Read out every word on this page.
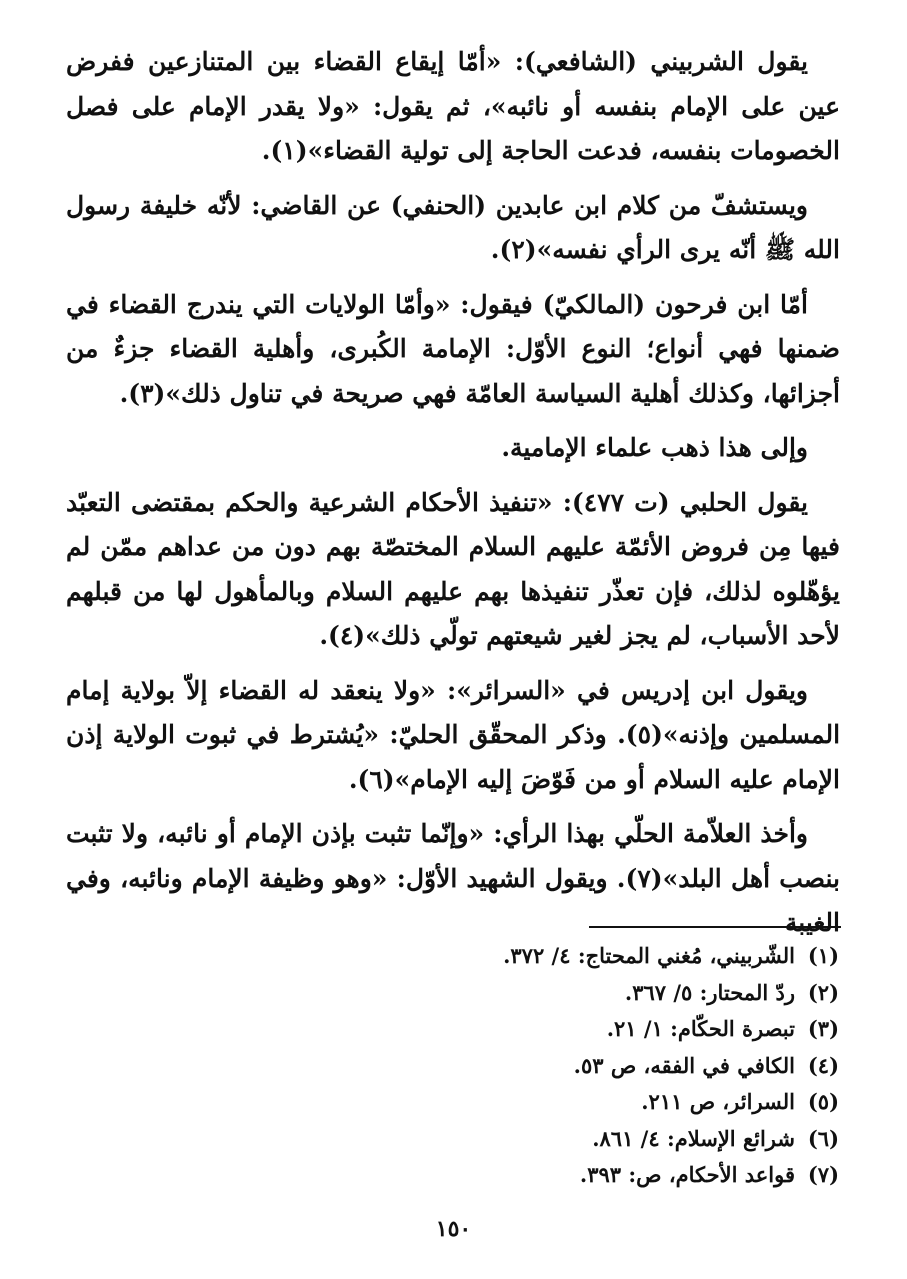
يقول الشربيني (الشافعي): «أمّا إيقاع القضاء بين المتنازعين ففرض عين على الإمام بنفسه أو نائبه»، ثم يقول: «ولا يقدر الإمام على فصل الخصومات بنفسه، فدعت الحاجة إلى تولية القضاء»(١).

ويستشفّ من كلام ابن عابدين (الحنفي) عن القاضي: لأنّه خليفة رسول الله ﷺ أنّه يرى الرأي نفسه»(٢).

أمّا ابن فرحون (المالكيّ) فيقول: «وأمّا الولايات التي يندرج القضاء في ضمنها فهي أنواع؛ النوع الأوّل: الإمامة الكُبرى، وأهلية القضاء جزءٌ من أجزائها، وكذلك أهلية السياسة العامّة فهي صريحة في تناول ذلك»(٣).

وإلى هذا ذهب علماء الإمامية.

يقول الحلبي (ت ٤٧٧): «تنفيذ الأحكام الشرعية والحكم بمقتضى التعبّد فيها مِن فروض الأئمّة عليهم السلام المختصّة بهم دون من عداهم ممّن لم يؤهّلوه لذلك، فإن تعذّر تنفيذها بهم عليهم السلام وبالمأهول لها من قبلهم لأحد الأسباب، لم يجز لغير شيعتهم تولّي ذلك»(٤).

ويقول ابن إدريس في «السرائر»: «ولا ينعقد له القضاء إلاّ بولاية إمام المسلمين وإذنه»(٥). وذكر المحقّق الحليّ: «يُشترط في ثبوت الولاية إذن الإمام عليه السلام أو من فَوّضَ إليه الإمام»(٦).

وأخذ العلاّمة الحلّي بهذا الرأي: «وإنّما تثبت بإذن الإمام أو نائبه، ولا تثبت بنصب أهل البلد»(٧). ويقول الشهيد الأوّل: «وهو وظيفة الإمام ونائبه، وفي الغيبة

(١)الشّربيني، مُغني المحتاج: ٤/ ٣٧٢.
(٢)ردّ المحتار: ٥/ ٣٦٧.
(٣)تبصرة الحكّام: ١/ ٢١.
(٤)الكافي في الفقه، ص ٥٣.
(٥)السرائر، ص ٢١١.
(٦)شرائع الإسلام: ٤/ ٨٦١.
(٧)قواعد الأحكام، ص: ٣٩٣.
١٥٠
